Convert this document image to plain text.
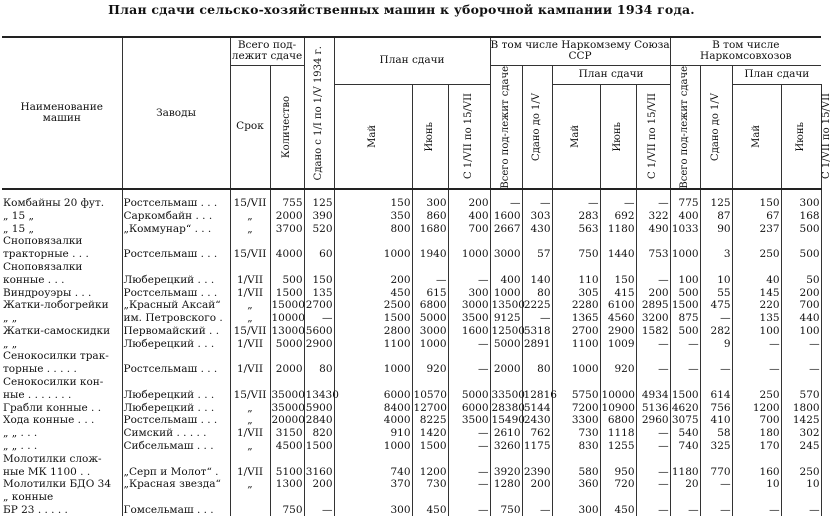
План сдачи сельско-хозяйственных машин к уборочной кампании 1934 года.
Наименование машин	Заводы	Всего под-лежит сдаче		Сдано с 1/I по 1/V 1934 г.	План сдачи			В том числе Наркомзему Союза ССР					В том числе Наркомсовхозов				
		Срок	Количество					Всего под-лежит сдаче	Сдано до 1/V	План сдачи			Всего под-лежит сдаче	Сдано до 1/V	План сдачи		

					Май	Июнь	С 1/VII по 15/VII			Май	Июнь	С 1/VII по 15/VII			Май	Июнь	С 1/VII по 15/VII

Комбайны 20 фут.	Ростсельмаш . . .	15/VII	755	125	150	300	200	—	—	—	—	—	775	125	150	300	
„ 15 „	Саркомбайн . . .	„	2000	390	350	860	400	1600	303	283	692	322	400	87	67	168	
„ 15 „	„Коммунар“ . . .	„	3700	520	800	1680	700	2667	430	563	1180	490	1033	90	237	500	
Сноповязалки																	
тракторные . . .	Ростсельмаш . . .	15/VII	4000	60	1000	1940	1000	3000	57	750	1440	753	1000	3	250	500	
Сноповязалки																	
конные . . .	Люберецкий . . .	1/VII	500	150	200	—	—	400	140	110	150	—	100	10	40	50	
Виндроуэры . . .	Ростсельмаш . . .	1/VII	1500	135	450	615	300	1000	80	305	415	200	500	55	145	200	
Жатки-лобогрейки	„Красный Аксай“	„	15000	2700	2500	6800	3000	13500	2225	2280	6100	2895	1500	475	220	700	
„ „	им. Петровского .	„	10000	—	1500	5000	3500	9125	—	1365	4560	3200	875	—	135	440	
Жатки-самоскидки	Первомайский . .	15/VII	13000	5600	2800	3000	1600	12500	5318	2700	2900	1582	500	282	100	100	
„ „	Люберецкий . . .	1/VII	5000	2900	1100	1000	—	5000	2891	1100	1009	—	—	9	—	—	
Сенокосилки трак-																	
торные . . . . .	Ростсельмаш . . .	1/VII	2000	80	1000	920	—	2000	80	1000	920	—	—	—	—	—	
Сенокосилки кон-																	
ные . . . . . . .	Люберецкий . . .	15/VII	35000	13430	6000	10570	5000	33500	12816	5750	10000	4934	1500	614	250	570	
Грабли конные . .	Люберецкий . . .	„	35000	5900	8400	12700	6000	28380	5144	7200	10900	5136	4620	756	1200	1800	
Хода конные . . .	Ростсельмаш . . .	„	20000	2840	4000	8225	3500	15490	2430	3300	6800	2960	3075	410	700	1425	
„ „ . . .	Симский . . . . .	1/VII	3150	820	910	1420	—	2610	762	730	1118	—	540	58	180	302	
„ „ . . .	Сибсельмаш . . .	„	4500	1500	1000	1500	—	3260	1175	830	1255	—	740	325	170	245	
Молотилки слож-																	
ные МК 1100 . .	„Серп и Молот“ .	1/VII	5100	3160	740	1200	—	3920	2390	580	950	—	1180	770	160	250	
Молотилки БДО 34	„Красная звезда“	„	1300	200	370	730	—	1280	200	360	720	—	20	—	10	10	
„ конные																	
БР 23 . . . . .	Гомсельмаш . . .		750	—	300	450	—	750	—	300	450	—	—	—	—	—	
